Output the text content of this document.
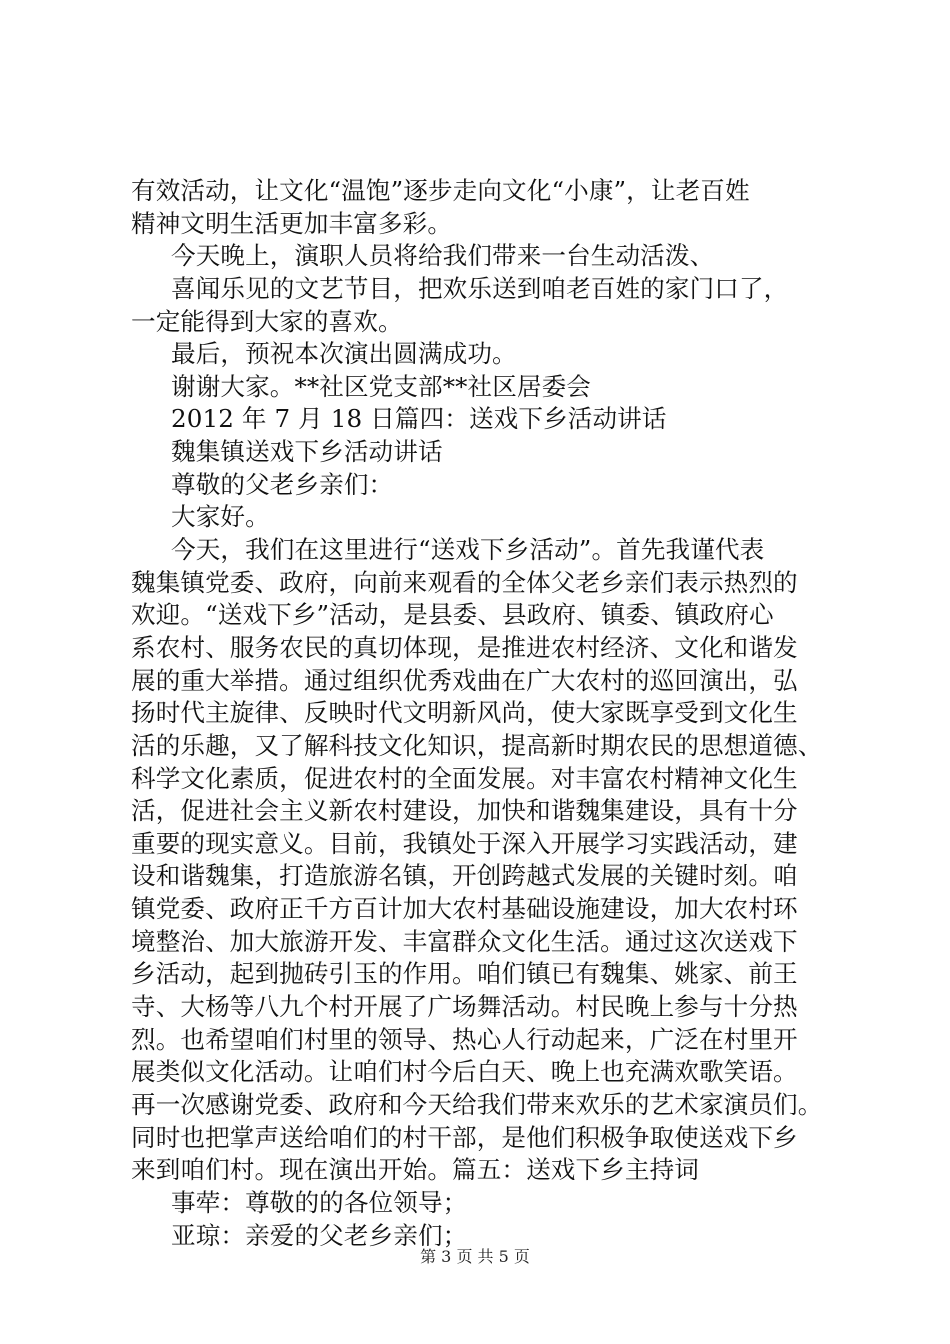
有效活动，让文化“温饱”逐步走向文化“小康”，让老百姓
精神文明生活更加丰富多彩。
今天晚上，演职人员将给我们带来一台生动活泼、
喜闻乐见的文艺节目，把欢乐送到咱老百姓的家门口了，
一定能得到大家的喜欢。
最后，预祝本次演出圆满成功。
谢谢大家。**社区党支部**社区居委会
2012 年 7 月 18 日篇四：送戏下乡活动讲话
魏集镇送戏下乡活动讲话
尊敬的父老乡亲们：
大家好。
今天，我们在这里进行“送戏下乡活动”。首先我谨代表
魏集镇党委、政府，向前来观看的全体父老乡亲们表示热烈的
欢迎。“送戏下乡”活动，是县委、县政府、镇委、镇政府心
系农村、服务农民的真切体现，是推进农村经济、文化和谐发
展的重大举措。通过组织优秀戏曲在广大农村的巡回演出，弘
扬时代主旋律、反映时代文明新风尚，使大家既享受到文化生
活的乐趣，又了解科技文化知识，提高新时期农民的思想道德、
科学文化素质，促进农村的全面发展。对丰富农村精神文化生
活，促进社会主义新农村建设，加快和谐魏集建设，具有十分
重要的现实意义。目前，我镇处于深入开展学习实践活动，建
设和谐魏集，打造旅游名镇，开创跨越式发展的关键时刻。咱
镇党委、政府正千方百计加大农村基础设施建设，加大农村环
境整治、加大旅游开发、丰富群众文化生活。通过这次送戏下
乡活动，起到抛砖引玉的作用。咱们镇已有魏集、姚家、前王
寺、大杨等八九个村开展了广场舞活动。村民晚上参与十分热
烈。也希望咱们村里的领导、热心人行动起来，广泛在村里开
展类似文化活动。让咱们村今后白天、晚上也充满欢歌笑语。
再一次感谢党委、政府和今天给我们带来欢乐的艺术家演员们。
同时也把掌声送给咱们的村干部，是他们积极争取使送戏下乡
来到咱们村。现在演出开始。篇五：送戏下乡主持词
事荦：尊敬的的各位领导；
亚琼：亲爱的父老乡亲们；
第 3 页 共 5 页
